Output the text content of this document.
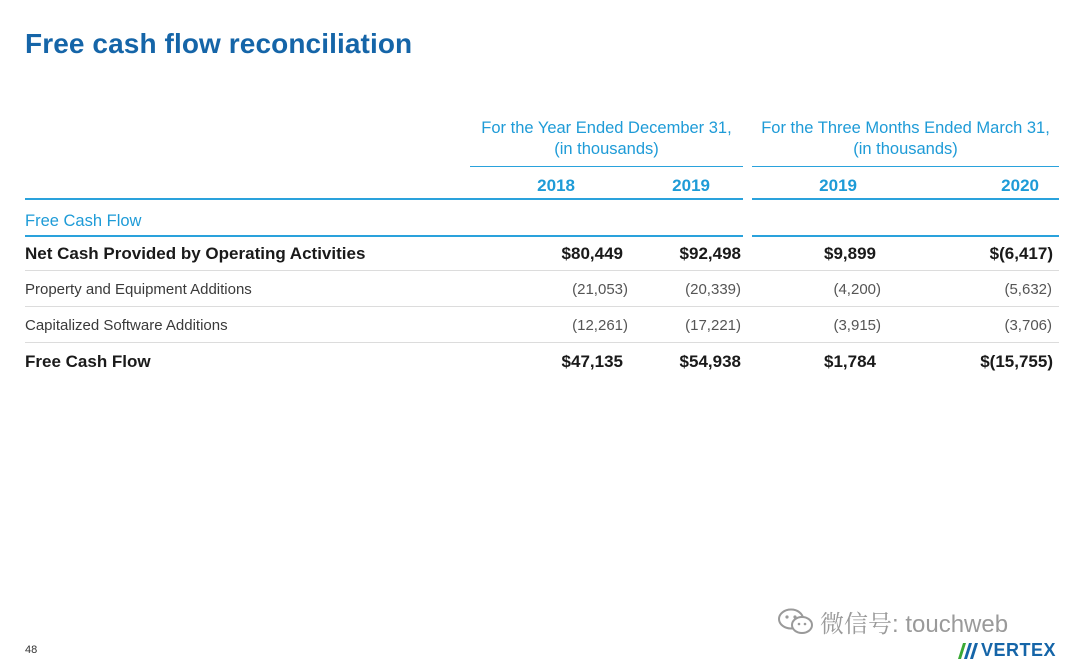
Free cash flow reconciliation
For the Year Ended December 31,
(in thousands)
For the Three Months Ended March 31,
(in thousands)
2018	2019	2019	2020
Free Cash Flow
Net Cash Provided by Operating Activities	$80,449	$92,498	$9,899	$(6,417)
Property and Equipment Additions	(21,053)	(20,339)	(4,200)	(5,632)
Capitalized Software Additions	(12,261)	(17,221)	(3,915)	(3,706)
Free Cash Flow	$47,135	$54,938	$1,784	$(15,755)
48
微信号: touchweb
VERTEX
